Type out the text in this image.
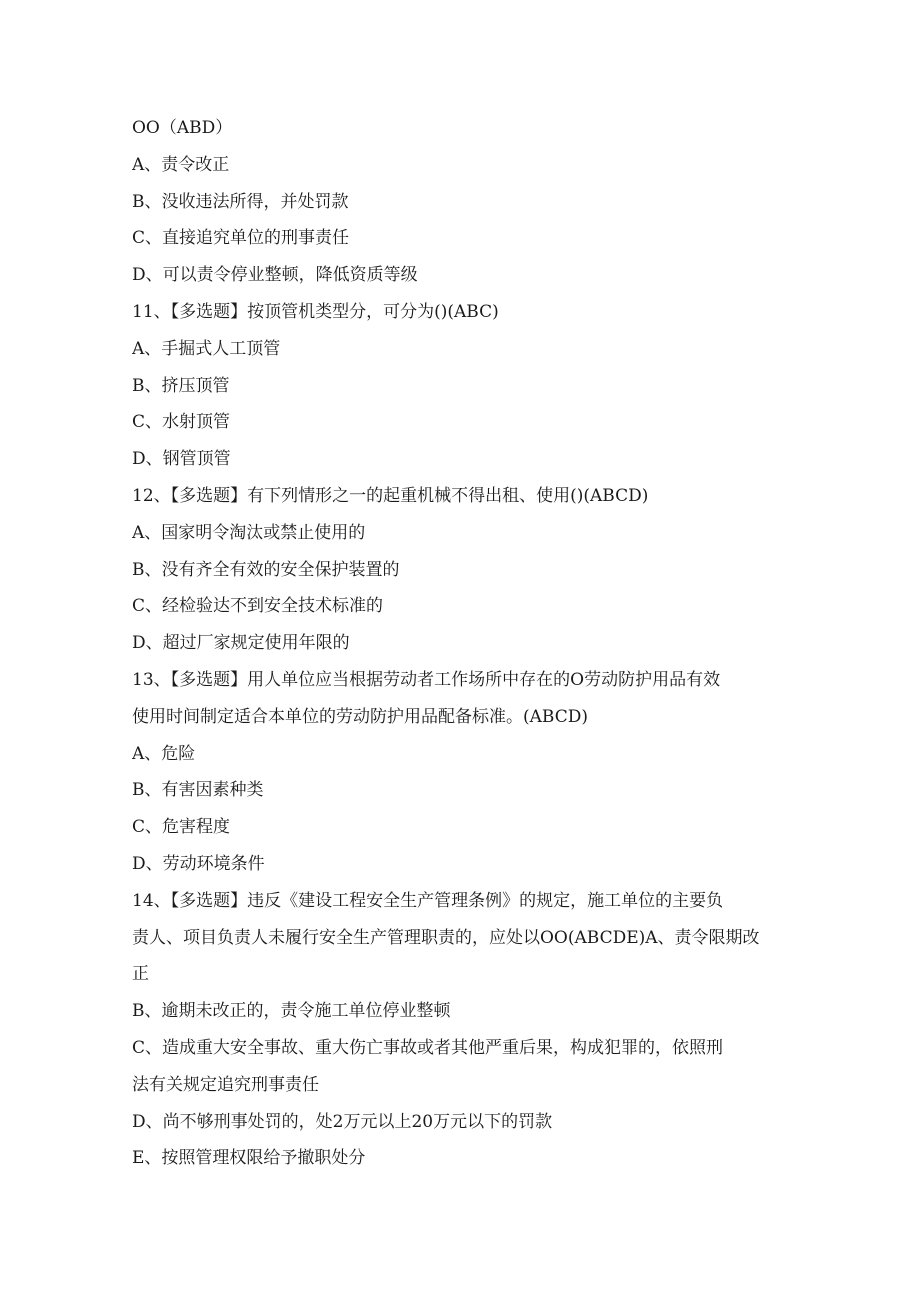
OO（ABD）

A、责令改正

B、没收违法所得，并处罚款

C、直接追究单位的刑事责任

D、可以责令停业整顿，降低资质等级

11、【多选题】按顶管机类型分，可分为()(ABC)

A、手掘式人工顶管

B、挤压顶管

C、水射顶管

D、钢管顶管

12、【多选题】有下列情形之一的起重机械不得出租、使用()(ABCD)

A、国家明令淘汰或禁止使用的

B、没有齐全有效的安全保护装置的

C、经检验达不到安全技术标准的

D、超过厂家规定使用年限的

13、【多选题】用人单位应当根据劳动者工作场所中存在的O劳动防护用品有效

使用时间制定适合本单位的劳动防护用品配备标准。(ABCD)

A、危险

B、有害因素种类

C、危害程度

D、劳动环境条件

14、【多选题】违反《建设工程安全生产管理条例》的规定，施工单位的主要负

责人、项目负责人未履行安全生产管理职责的，应处以OO(ABCDE)A、责令限期改

正

B、逾期未改正的，责令施工单位停业整顿

C、造成重大安全事故、重大伤亡事故或者其他严重后果，构成犯罪的，依照刑

法有关规定追究刑事责任

D、尚不够刑事处罚的，处2万元以上20万元以下的罚款

E、按照管理权限给予撤职处分
